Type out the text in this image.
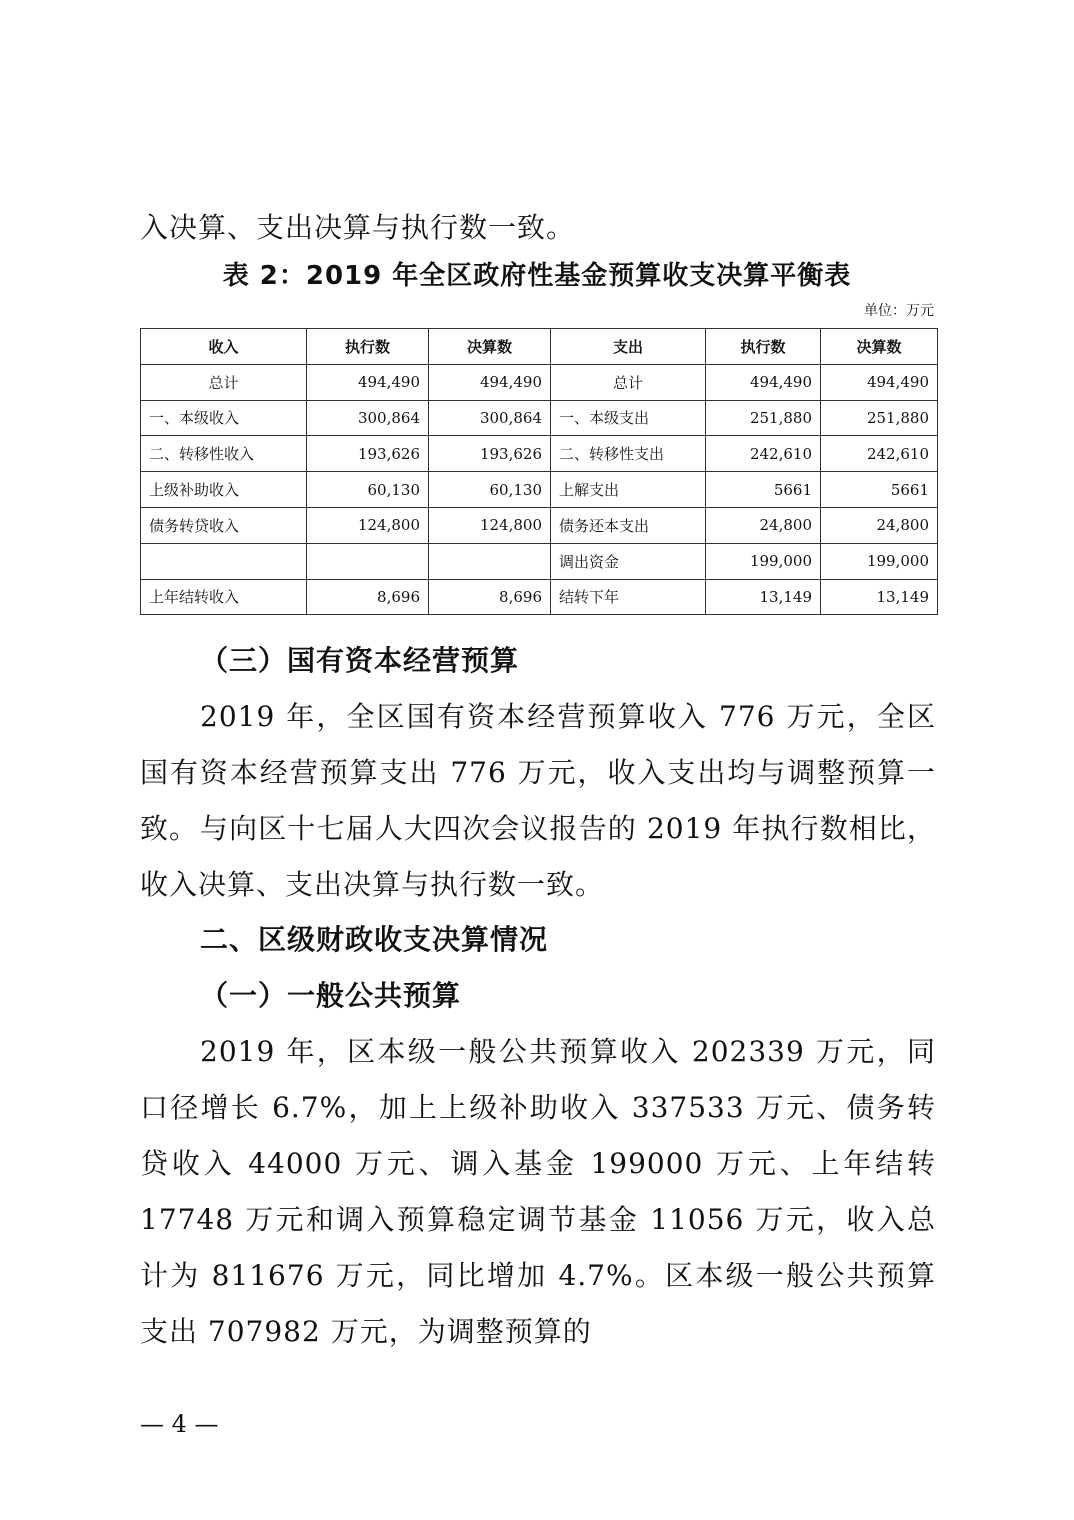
入决算、支出决算与执行数一致。

表 2：2019 年全区政府性基金预算收支决算平衡表
单位：万元
收入	执行数	决算数	支出	执行数	决算数
总计	494,490	494,490	总计	494,490	494,490
一、本级收入	300,864	300,864	一、本级支出	251,880	251,880
二、转移性收入	193,626	193,626	二、转移性支出	242,610	242,610
上级补助收入	60,130	60,130	上解支出	5661	5661
债务转贷收入	124,800	124,800	债务还本支出	24,800	24,800
			调出资金	199,000	199,000
上年结转收入	8,696	8,696	结转下年	13,149	13,149
（三）国有资本经营预算

2019 年，全区国有资本经营预算收入 776 万元，全区国有资本经营预算支出 776 万元，收入支出均与调整预算一致。 与向区十七届人大四次会议报告的 2019 年执行数相比，收入决算、支出决算与执行数一致。

二、区级财政收支决算情况
（一）一般公共预算

2019 年，区本级一般公共预算收入 202339 万元，同口径增长 6.7%，加上上级补助收入 337533 万元、债务转贷收入 44000 万元、调入基金 199000 万元、上年结转 17748 万元和调入预算稳定调节基金 11056 万元，收入总计为 811676 万元，同比增加 4.7%。区本级一般公共预算支出 707982 万元，为调整预算的

— 4 —
